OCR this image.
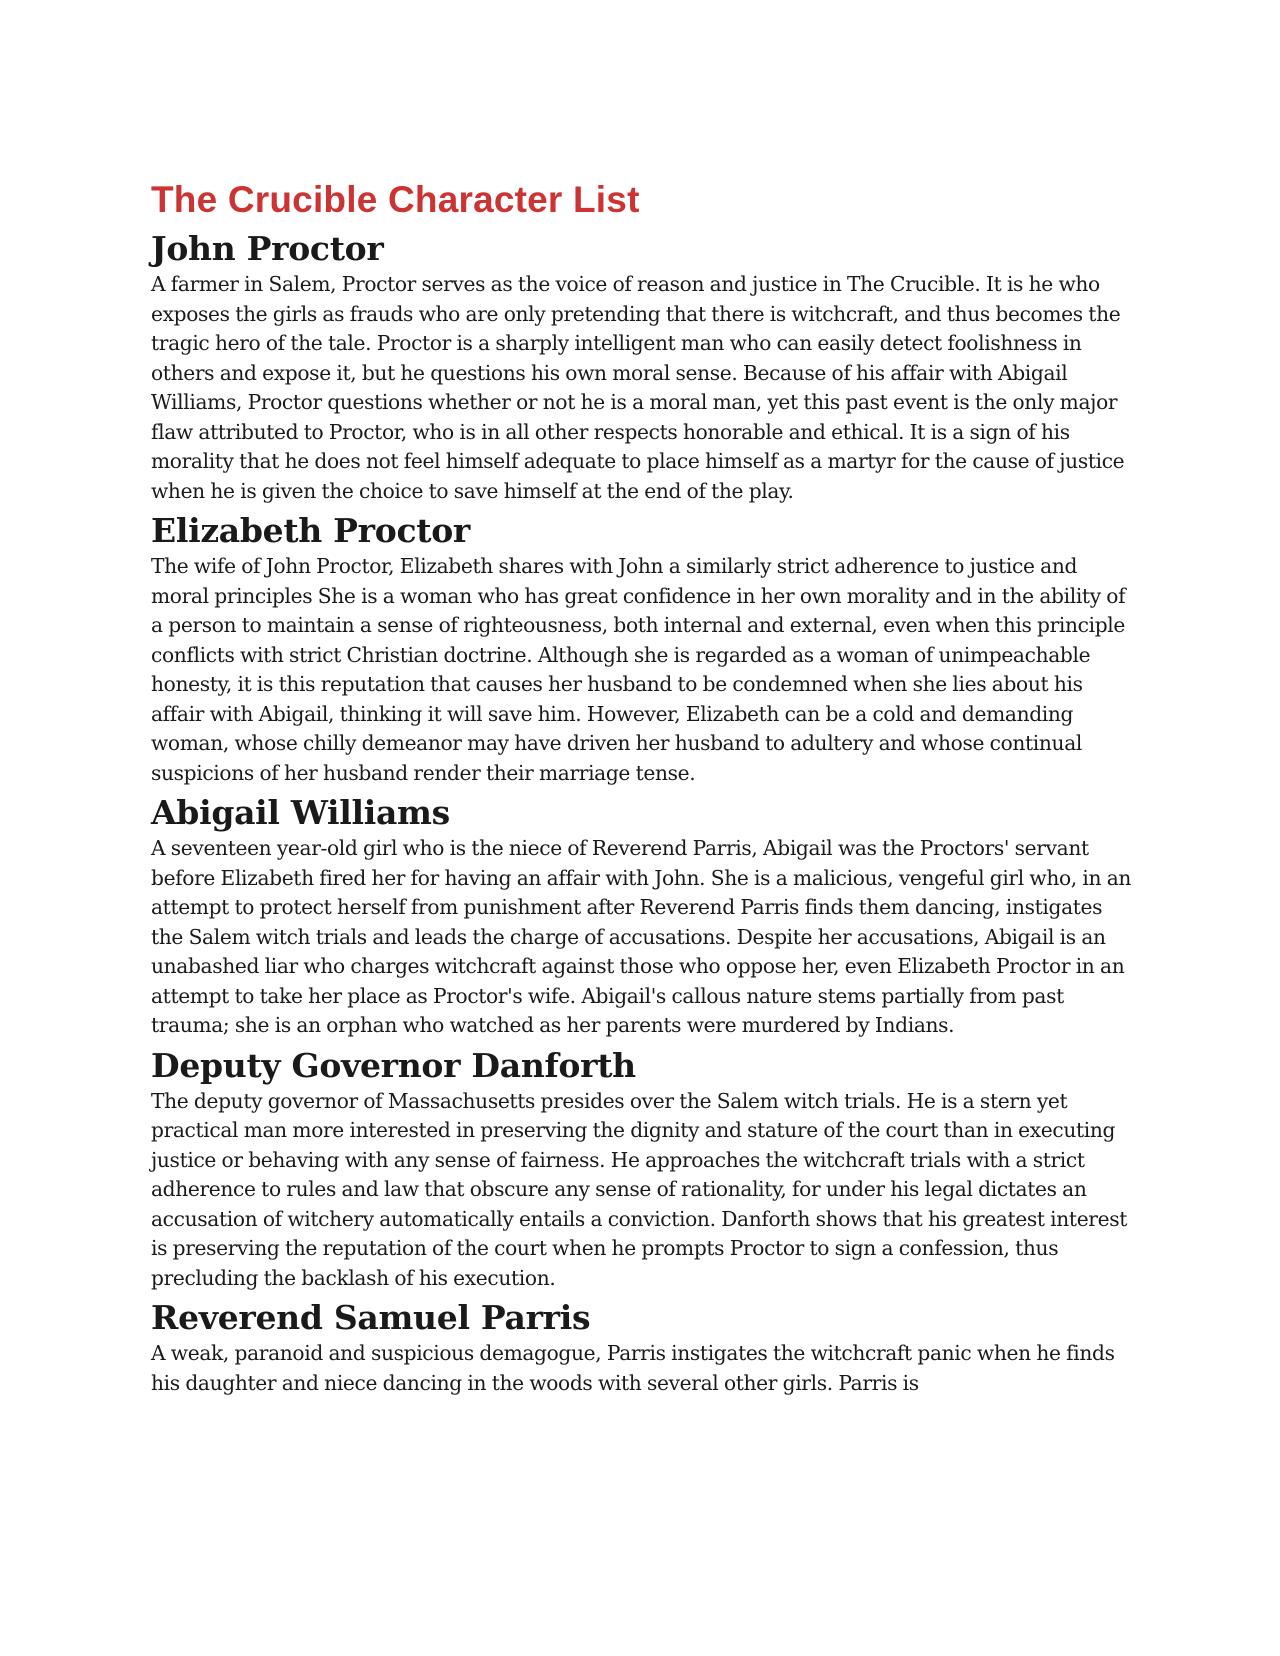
The Crucible Character List
John Proctor

A farmer in Salem, Proctor serves as the voice of reason and justice in The Crucible. It is he who exposes the girls as frauds who are only pretending that there is witchcraft, and thus becomes the tragic hero of the tale. Proctor is a sharply intelligent man who can easily detect foolishness in others and expose it, but he questions his own moral sense. Because of his affair with Abigail Williams, Proctor questions whether or not he is a moral man, yet this past event is the only major flaw attributed to Proctor, who is in all other respects honorable and ethical. It is a sign of his morality that he does not feel himself adequate to place himself as a martyr for the cause of justice when he is given the choice to save himself at the end of the play.

Elizabeth Proctor

The wife of John Proctor, Elizabeth shares with John a similarly strict adherence to justice and moral principles She is a woman who has great confidence in her own morality and in the ability of a person to maintain a sense of righteousness, both internal and external, even when this principle conflicts with strict Christian doctrine. Although she is regarded as a woman of unimpeachable honesty, it is this reputation that causes her husband to be condemned when she lies about his affair with Abigail, thinking it will save him. However, Elizabeth can be a cold and demanding woman, whose chilly demeanor may have driven her husband to adultery and whose continual suspicions of her husband render their marriage tense.

Abigail Williams

A seventeen year-old girl who is the niece of Reverend Parris, Abigail was the Proctors' servant before Elizabeth fired her for having an affair with John. She is a malicious, vengeful girl who, in an attempt to protect herself from punishment after Reverend Parris finds them dancing, instigates the Salem witch trials and leads the charge of accusations. Despite her accusations, Abigail is an unabashed liar who charges witchcraft against those who oppose her, even Elizabeth Proctor in an attempt to take her place as Proctor's wife. Abigail's callous nature stems partially from past trauma; she is an orphan who watched as her parents were murdered by Indians.

Deputy Governor Danforth

The deputy governor of Massachusetts presides over the Salem witch trials. He is a stern yet practical man more interested in preserving the dignity and stature of the court than in executing justice or behaving with any sense of fairness. He approaches the witchcraft trials with a strict adherence to rules and law that obscure any sense of rationality, for under his legal dictates an accusation of witchery automatically entails a conviction. Danforth shows that his greatest interest is preserving the reputation of the court when he prompts Proctor to sign a confession, thus precluding the backlash of his execution.

Reverend Samuel Parris

A weak, paranoid and suspicious demagogue, Parris instigates the witchcraft panic when he finds his daughter and niece dancing in the woods with several other girls. Parris is
